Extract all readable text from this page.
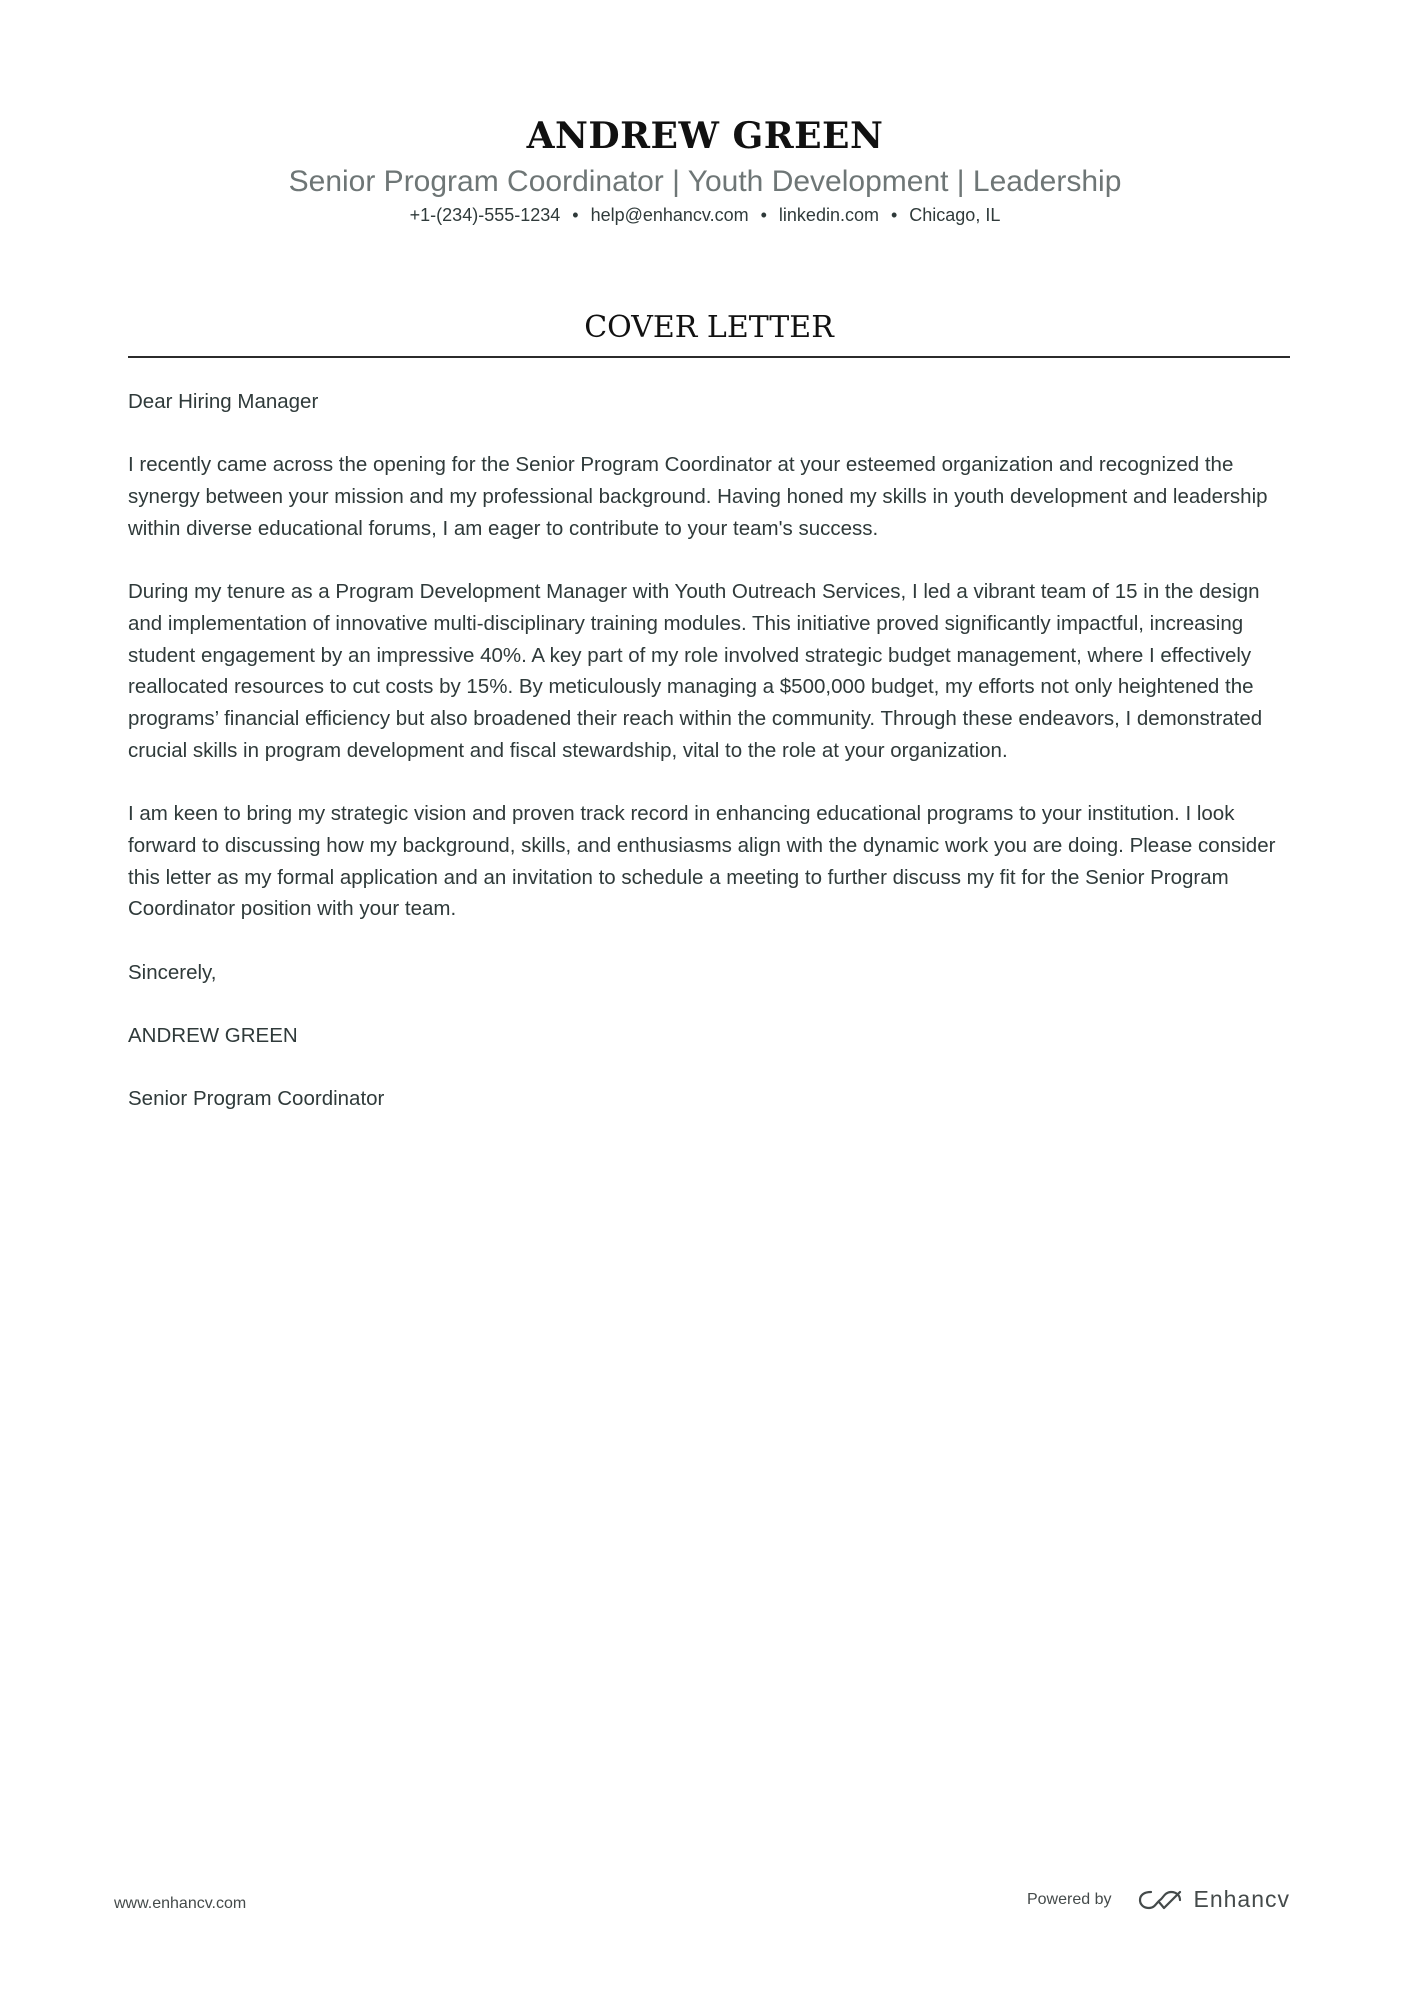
ANDREW GREEN
Senior Program Coordinator | Youth Development | Leadership
+1-(234)-555-1234 • help@enhancv.com • linkedin.com • Chicago, IL
COVER LETTER

Dear Hiring Manager

I recently came across the opening for the Senior Program Coordinator at your esteemed organization and recognized the synergy between your mission and my professional background. Having honed my skills in youth development and leadership within diverse educational forums, I am eager to contribute to your team's success.

During my tenure as a Program Development Manager with Youth Outreach Services, I led a vibrant team of 15 in the design and implementation of innovative multi-disciplinary training modules. This initiative proved significantly impactful, increasing student engagement by an impressive 40%. A key part of my role involved strategic budget management, where I effectively reallocated resources to cut costs by 15%. By meticulously managing a $500,000 budget, my efforts not only heightened the programs’ financial efficiency but also broadened their reach within the community. Through these endeavors, I demonstrated crucial skills in program development and fiscal stewardship, vital to the role at your organization.

I am keen to bring my strategic vision and proven track record in enhancing educational programs to your institution. I look forward to discussing how my background, skills, and enthusiasms align with the dynamic work you are doing. Please consider this letter as my formal application and an invitation to schedule a meeting to further discuss my fit for the Senior Program Coordinator position with your team.

Sincerely,

ANDREW GREEN

Senior Program Coordinator

www.enhancv.com	Powered by	Enhancv
